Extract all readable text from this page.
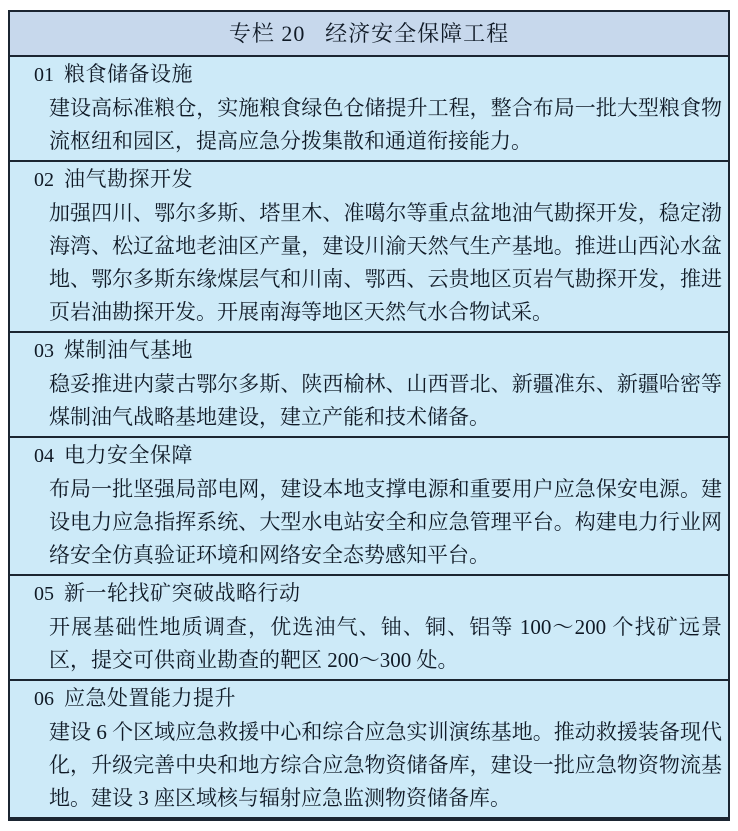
专栏 20 经济安全保障工程
01 粮食储备设施

建设高标准粮仓，实施粮食绿色仓储提升工程，整合布局一批大型粮食物流枢纽和园区，提高应急分拨集散和通道衔接能力。

02 油气勘探开发

加强四川、鄂尔多斯、塔里木、准噶尔等重点盆地油气勘探开发，稳定渤海湾、松辽盆地老油区产量，建设川渝天然气生产基地。推进山西沁水盆地、鄂尔多斯东缘煤层气和川南、鄂西、云贵地区页岩气勘探开发，推进页岩油勘探开发。开展南海等地区天然气水合物试采。

03 煤制油气基地

稳妥推进内蒙古鄂尔多斯、陕西榆林、山西晋北、新疆准东、新疆哈密等煤制油气战略基地建设，建立产能和技术储备。

04 电力安全保障

布局一批坚强局部电网，建设本地支撑电源和重要用户应急保安电源。建设电力应急指挥系统、大型水电站安全和应急管理平台。构建电力行业网络安全仿真验证环境和网络安全态势感知平台。

05 新一轮找矿突破战略行动

开展基础性地质调查，优选油气、铀、铜、铝等 100～200 个找矿远景区，提交可供商业勘查的靶区 200～300 处。

06 应急处置能力提升

建设 6 个区域应急救援中心和综合应急实训演练基地。推动救援装备现代化，升级完善中央和地方综合应急物资储备库，建设一批应急物资物流基地。建设 3 座区域核与辐射应急监测物资储备库。
